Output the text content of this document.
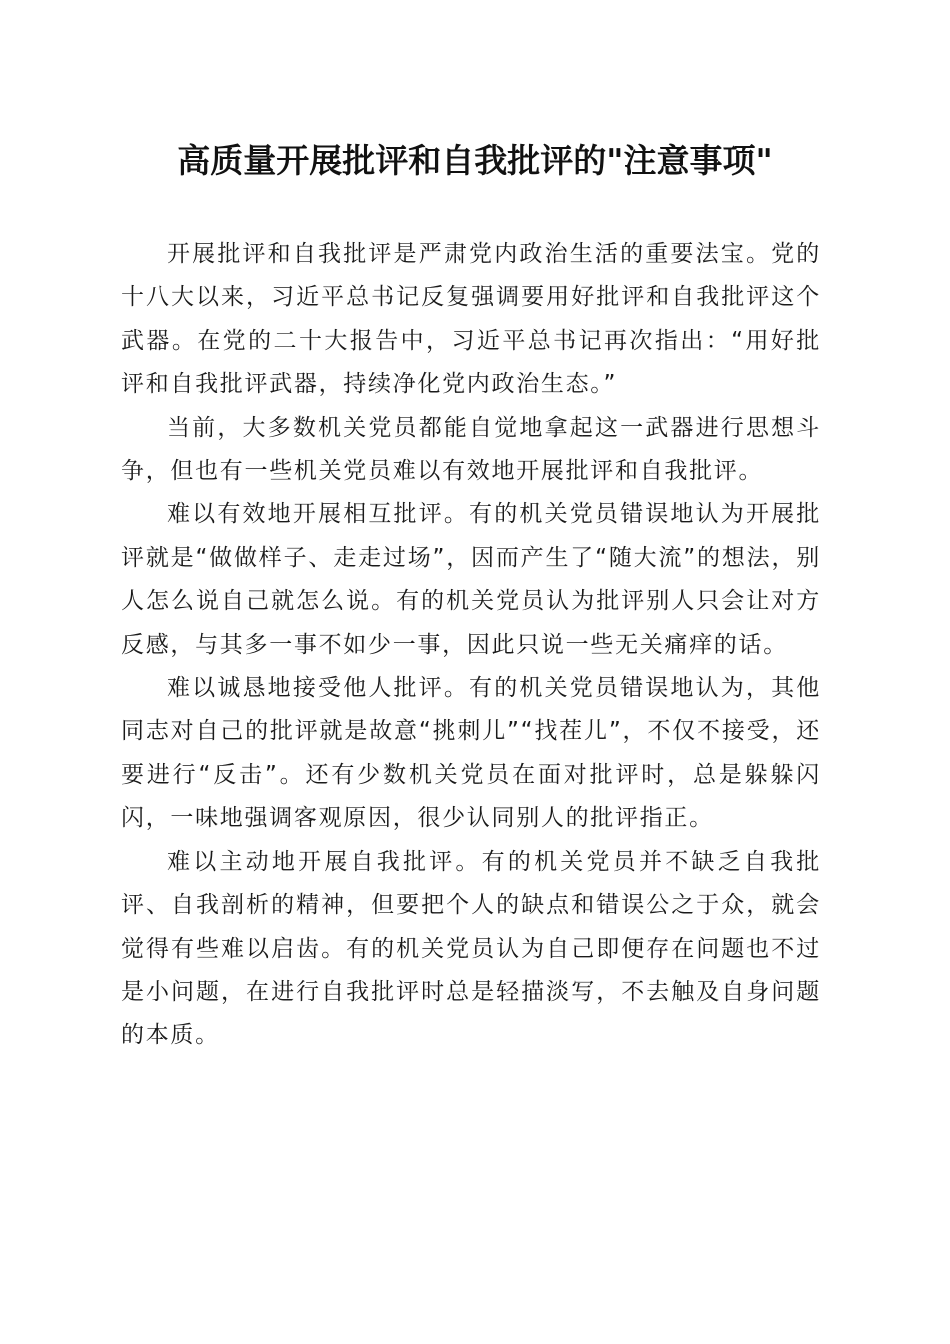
高质量开展批评和自我批评的"注意事项"

开展批评和自我批评是严肃党内政治生活的重要法宝。党的十八大以来，习近平总书记反复强调要用好批评和自我批评这个武器。在党的二十大报告中，习近平总书记再次指出：“用好批评和自我批评武器，持续净化党内政治生态。”

当前，大多数机关党员都能自觉地拿起这一武器进行思想斗争，但也有一些机关党员难以有效地开展批评和自我批评。

难以有效地开展相互批评。有的机关党员错误地认为开展批评就是“做做样子、走走过场”，因而产生了“随大流”的想法，别人怎么说自己就怎么说。有的机关党员认为批评别人只会让对方反感，与其多一事不如少一事，因此只说一些无关痛痒的话。

难以诚恳地接受他人批评。有的机关党员错误地认为，其他同志对自己的批评就是故意“挑刺儿”“找茬儿”，不仅不接受，还要进行“反击”。还有少数机关党员在面对批评时，总是躲躲闪闪，一味地强调客观原因，很少认同别人的批评指正。

难以主动地开展自我批评。有的机关党员并不缺乏自我批评、自我剖析的精神，但要把个人的缺点和错误公之于众，就会觉得有些难以启齿。有的机关党员认为自己即便存在问题也不过是小问题，在进行自我批评时总是轻描淡写，不去触及自身问题的本质。
